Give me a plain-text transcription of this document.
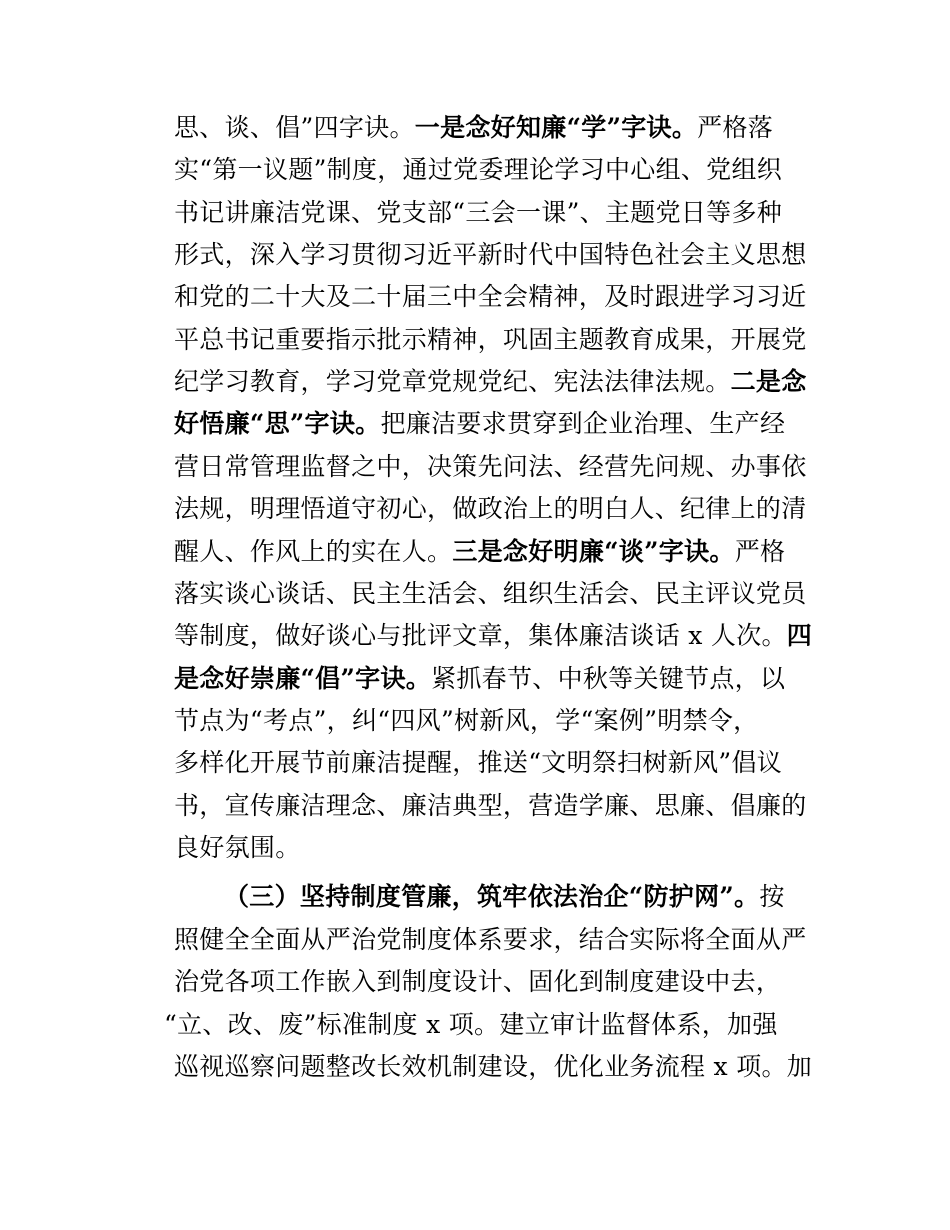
思、谈、倡”四字诀。一是念好知廉“学”字诀。严格落
实“第一议题”制度，通过党委理论学习中心组、党组织
书记讲廉洁党课、党支部“三会一课”、主题党日等多种
形式，深入学习贯彻习近平新时代中国特色社会主义思想
和党的二十大及二十届三中全会精神，及时跟进学习习近
平总书记重要指示批示精神，巩固主题教育成果，开展党
纪学习教育，学习党章党规党纪、宪法法律法规。二是念
好悟廉“思”字诀。把廉洁要求贯穿到企业治理、生产经
营日常管理监督之中，决策先问法、经营先问规、办事依
法规，明理悟道守初心，做政治上的明白人、纪律上的清
醒人、作风上的实在人。三是念好明廉“谈”字诀。严格
落实谈心谈话、民主生活会、组织生活会、民主评议党员
等制度，做好谈心与批评文章，集体廉洁谈话 x 人次。四
是念好崇廉“倡”字诀。紧抓春节、中秋等关键节点，以
节点为“考点”，纠“四风”树新风，学“案例”明禁令，
多样化开展节前廉洁提醒，推送“文明祭扫树新风”倡议
书，宣传廉洁理念、廉洁典型，营造学廉、思廉、倡廉的
良好氛围。
（三）坚持制度管廉，筑牢依法治企“防护网”。按
照健全全面从严治党制度体系要求，结合实际将全面从严
治党各项工作嵌入到制度设计、固化到制度建设中去，
“立、改、废”标准制度 x 项。建立审计监督体系，加强
巡视巡察问题整改长效机制建设，优化业务流程 x 项。加
